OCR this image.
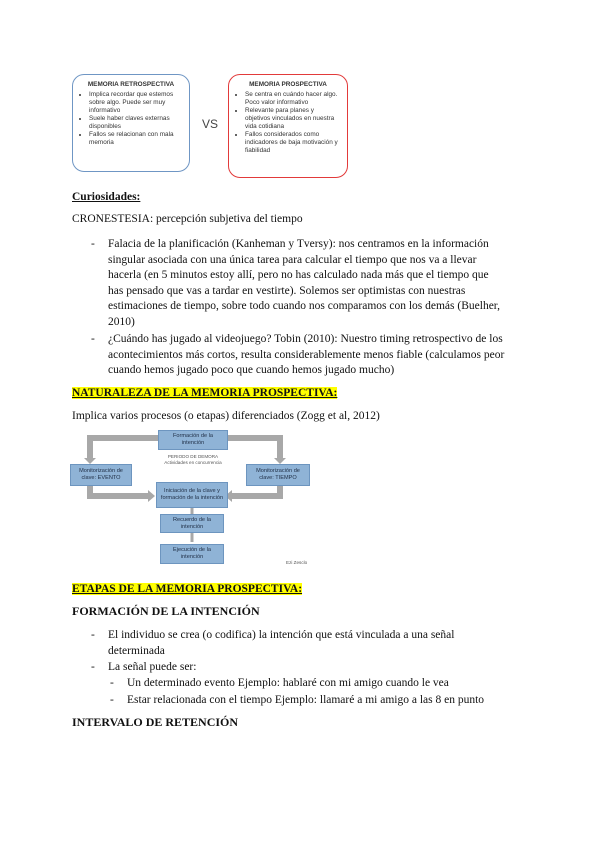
MEMORIA RETROSPECTIVA
• Implica recordar que estemos sobre algo. Puede ser muy informativo
• Suele haber claves externas disponibles
• Fallos se relacionan con mala memoria
VS
MEMORIA PROSPECTIVA
• Se centra en cuándo hacer algo. Poco valor informativo
• Relevante para planes y objetivos vinculados en nuestra vida cotidiana
• Fallos considerados como indicadores de baja motivación y fiabilidad
Curiosidades:
CRONESTESIA: percepción subjetiva del tiempo
- Falacia de la planificación (Kanheman y Tversy): nos centramos en la información
singular asociada con una única tarea para calcular el tiempo que nos va a llevar
hacerla (en 5 minutos estoy allí, pero no has calculado nada más que el tiempo que
has pensado que vas a tardar en vestirte). Solemos ser optimistas con nuestras
estimaciones de tiempo, sobre todo cuando nos comparamos con los demás (Buelher,
2010)
- ¿Cuándo has jugado al videojuego? Tobin (2010): Nuestro timing retrospectivo de los
acontecimientos más cortos, resulta considerablemente menos fiable (calculamos peor
cuando hemos jugado poco que cuando hemos jugado mucho)
NATURALEZA DE LA MEMORIA PROSPECTIVA:
Implica varios procesos (o etapas) diferenciados (Zogg et al, 2012)
Formación de la intención
PERIODO DE DEMORA
Actividades en concurrencia
Monitorización de clave: EVENTO
Monitorización de clave: TIEMPO
Iniciación de la clave y formación de la intención
Recuerdo de la intención
Ejecución de la intención
Ezi Zesclo
ETAPAS DE LA MEMORIA PROSPECTIVA:
FORMACIÓN DE LA INTENCIÓN
- El individuo se crea (o codifica) la intención que está vinculada a una señal
determinada
- La señal puede ser:
- Un determinado evento Ejemplo: hablaré con mi amigo cuando le vea
- Estar relacionada con el tiempo Ejemplo: llamaré a mi amigo a las 8 en punto
INTERVALO DE RETENCIÓN
